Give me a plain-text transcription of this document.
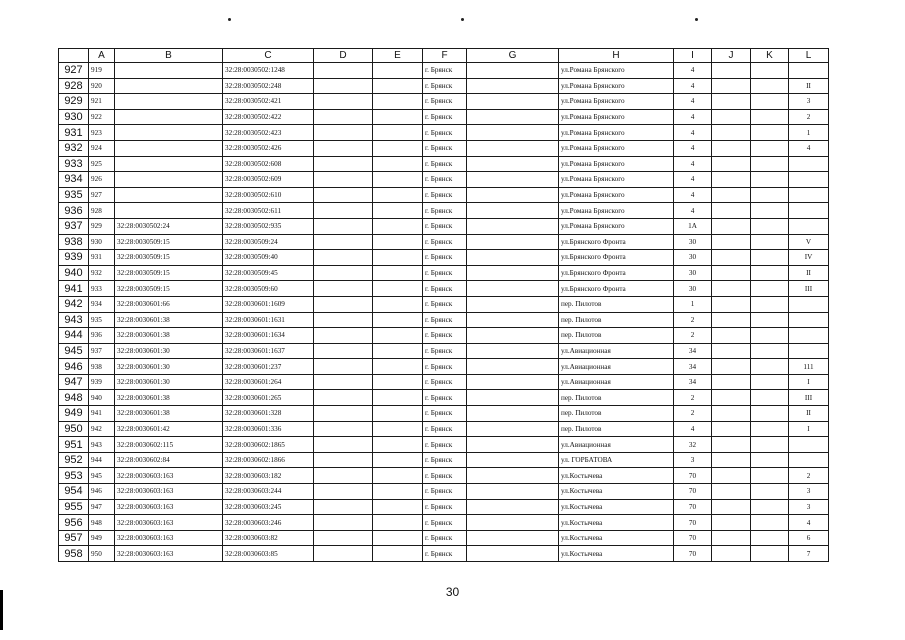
	A	B	C	D	E	F	G	H	I	J	K	L
927	919		32:28:0030502:1248			г. Брянск		ул.Романа Брянского	4			
928	920		32:28:0030502:248			г. Брянск		ул.Романа Брянского	4			II
929	921		32:28:0030502:421			г. Брянск		ул.Романа Брянского	4			3
930	922		32:28:0030502:422			г. Брянск		ул.Романа Брянского	4			2
931	923		32:28:0030502:423			г. Брянск		ул.Романа Брянского	4			1
932	924		32:28:0030502:426			г. Брянск		ул.Романа Брянского	4			4
933	925		32:28:0030502:608			г. Брянск		ул.Романа Брянского	4			
934	926		32:28:0030502:609			г. Брянск		ул.Романа Брянского	4			
935	927		32:28:0030502:610			г. Брянск		ул.Романа Брянского	4			
936	928		32:28:0030502:611			г. Брянск		ул.Романа Брянского	4			
937	929	32:28:0030502:24	32:28:0030502:935			г. Брянск		ул.Романа Брянского	1А			
938	930	32:28:0030509:15	32:28:0030509:24			г. Брянск		ул.Брянского Фронта	30			V
939	931	32:28:0030509:15	32:28:0030509:40			г. Брянск		ул.Брянского Фронта	30			IV
940	932	32:28:0030509:15	32:28:0030509:45			г. Брянск		ул.Брянского Фронта	30			II
941	933	32:28:0030509:15	32:28:0030509:60			г. Брянск		ул.Брянского Фронта	30			III
942	934	32:28:0030601:66	32:28:0030601:1609			г. Брянск		пер. Пилотов	1			
943	935	32:28:0030601:38	32:28:0030601:1631			г. Брянск		пер. Пилотов	2			
944	936	32:28:0030601:38	32:28:0030601:1634			г. Брянск		пер. Пилотов	2			
945	937	32:28:0030601:30	32:28:0030601:1637			г. Брянск		ул.Авиационная	34			
946	938	32:28:0030601:30	32:28:0030601:237			г. Брянск		ул.Авиационная	34			111
947	939	32:28:0030601:30	32:28:0030601:264			г. Брянск		ул.Авиационная	34			I
948	940	32:28:0030601:38	32:28:0030601:265			г. Брянск		пер. Пилотов	2			III
949	941	32:28:0030601:38	32:28:0030601:328			г. Брянск		пер. Пилотов	2			II
950	942	32:28:0030601:42	32:28:0030601:336			г. Брянск		пер. Пилотов	4			I
951	943	32:28:0030602:115	32:28:0030602:1865			г. Брянск		ул.Авиационная	32			
952	944	32:28:0030602:84	32:28:0030602:1866			г. Брянск		ул. ГОРБАТОВА	3			
953	945	32:28:0030603:163	32:28:0030603:182			г. Брянск		ул.Костычева	70			2
954	946	32:28:0030603:163	32:28:0030603:244			г. Брянск		ул.Костычева	70			3
955	947	32:28:0030603:163	32:28:0030603:245			г. Брянск		ул.Костычева	70			3
956	948	32:28:0030603:163	32:28:0030603:246			г. Брянск		ул.Костычева	70			4
957	949	32:28:0030603:163	32:28:0030603:82			г. Брянск		ул.Костычева	70			6
958	950	32:28:0030603:163	32:28:0030603:85			г. Брянск		ул.Костычева	70			7
30
